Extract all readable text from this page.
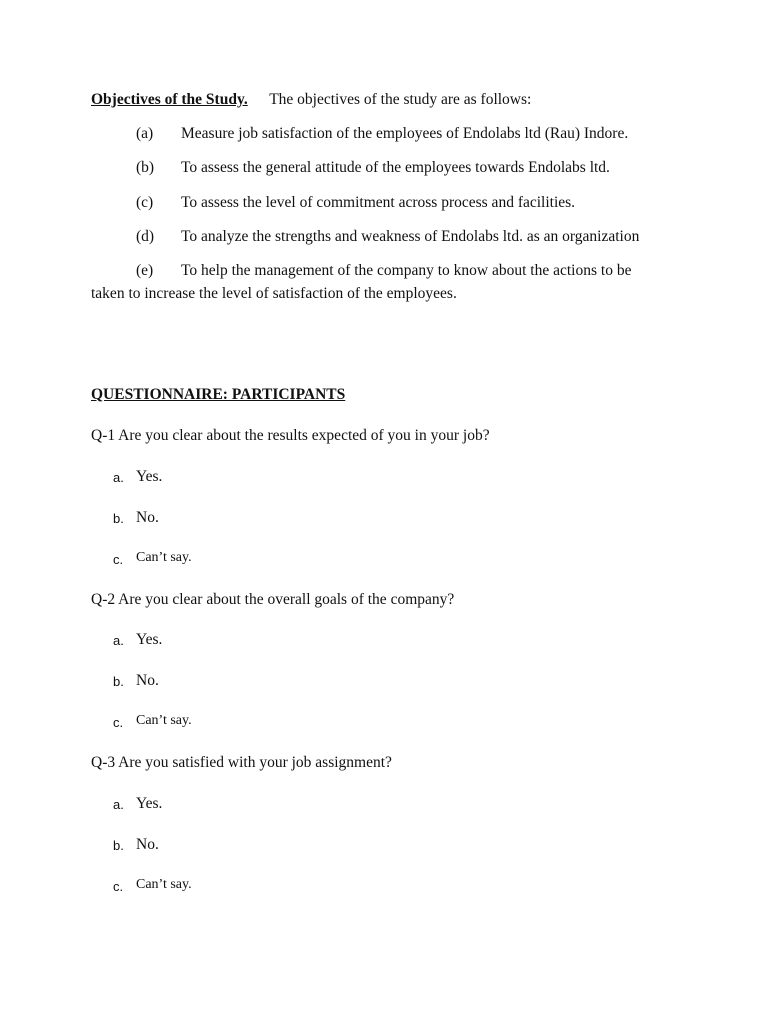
Objectives of the Study. The objectives of the study are as follows:
(a) Measure job satisfaction of the employees of Endolabs ltd (Rau) Indore.
(b) To assess the general attitude of the employees towards Endolabs ltd.
(c) To assess the level of commitment across process and facilities.
(d) To analyze the strengths and weakness of Endolabs ltd. as an organization
(e) To help the management of the company to know about the actions to be
taken to increase the level of satisfaction of the employees.
QUESTIONNAIRE: PARTICIPANTS
Q-1 Are you clear about the results expected of you in your job?
a. Yes.
b. No.
c. Can’t say.
Q-2 Are you clear about the overall goals of the company?
a. Yes.
b. No.
c. Can’t say.
Q-3 Are you satisfied with your job assignment?
a. Yes.
b. No.
c. Can’t say.
